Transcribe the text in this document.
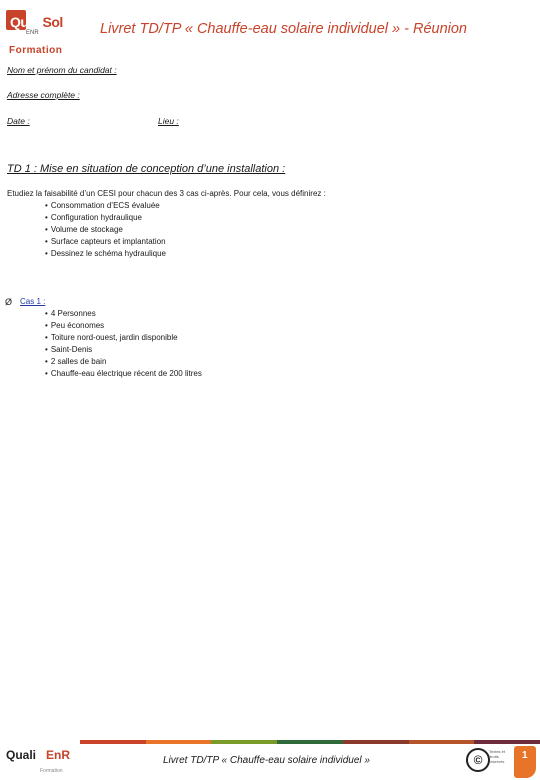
QualiSol
ENR
Formation
Livret TD/TP « Chauffe-eau solaire individuel » - Réunion
Nom et prénom du candidat :
Adresse complète :
Date :	Lieu :
TD 1 : Mise en situation de conception d’une installation :
Etudiez la faisabilité d’un CESI pour chacun des 3 cas ci-après. Pour cela, vous définirez :
• Consommation d’ECS évaluée
• Configuration hydraulique
• Volume de stockage
• Surface capteurs et implantation
• Dessinez le schéma hydraulique
Ø Cas 1 :
• 4 Personnes
• Peu économes
• Toiture nord-ouest, jardin disponible
• Saint-Denis
• 2 salles de bain
• Chauffe-eau électrique récent de 200 litres
Quali EnR
Formation
Livret TD/TP « Chauffe-eau solaire individuel »	©
Textes et droits réservés
1
